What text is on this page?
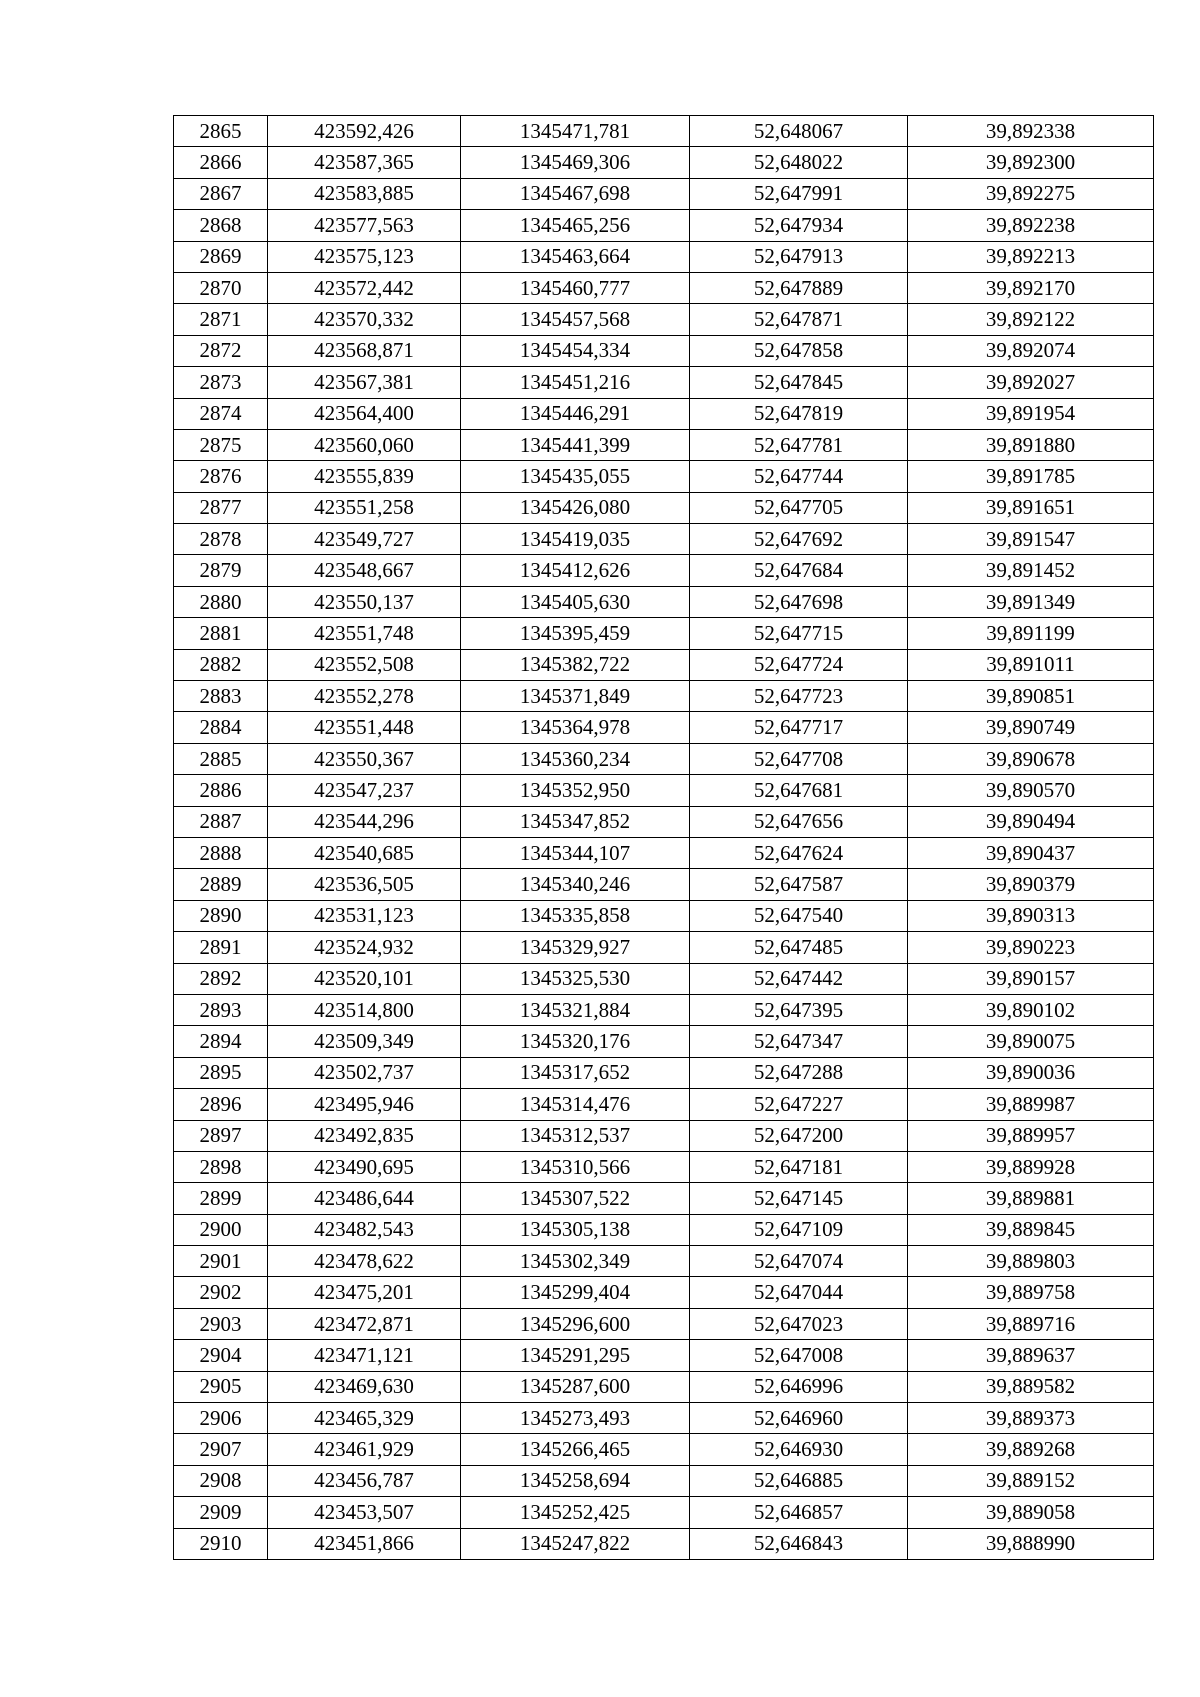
2865	423592,426	1345471,781	52,648067	39,892338
2866	423587,365	1345469,306	52,648022	39,892300
2867	423583,885	1345467,698	52,647991	39,892275
2868	423577,563	1345465,256	52,647934	39,892238
2869	423575,123	1345463,664	52,647913	39,892213
2870	423572,442	1345460,777	52,647889	39,892170
2871	423570,332	1345457,568	52,647871	39,892122
2872	423568,871	1345454,334	52,647858	39,892074
2873	423567,381	1345451,216	52,647845	39,892027
2874	423564,400	1345446,291	52,647819	39,891954
2875	423560,060	1345441,399	52,647781	39,891880
2876	423555,839	1345435,055	52,647744	39,891785
2877	423551,258	1345426,080	52,647705	39,891651
2878	423549,727	1345419,035	52,647692	39,891547
2879	423548,667	1345412,626	52,647684	39,891452
2880	423550,137	1345405,630	52,647698	39,891349
2881	423551,748	1345395,459	52,647715	39,891199
2882	423552,508	1345382,722	52,647724	39,891011
2883	423552,278	1345371,849	52,647723	39,890851
2884	423551,448	1345364,978	52,647717	39,890749
2885	423550,367	1345360,234	52,647708	39,890678
2886	423547,237	1345352,950	52,647681	39,890570
2887	423544,296	1345347,852	52,647656	39,890494
2888	423540,685	1345344,107	52,647624	39,890437
2889	423536,505	1345340,246	52,647587	39,890379
2890	423531,123	1345335,858	52,647540	39,890313
2891	423524,932	1345329,927	52,647485	39,890223
2892	423520,101	1345325,530	52,647442	39,890157
2893	423514,800	1345321,884	52,647395	39,890102
2894	423509,349	1345320,176	52,647347	39,890075
2895	423502,737	1345317,652	52,647288	39,890036
2896	423495,946	1345314,476	52,647227	39,889987
2897	423492,835	1345312,537	52,647200	39,889957
2898	423490,695	1345310,566	52,647181	39,889928
2899	423486,644	1345307,522	52,647145	39,889881
2900	423482,543	1345305,138	52,647109	39,889845
2901	423478,622	1345302,349	52,647074	39,889803
2902	423475,201	1345299,404	52,647044	39,889758
2903	423472,871	1345296,600	52,647023	39,889716
2904	423471,121	1345291,295	52,647008	39,889637
2905	423469,630	1345287,600	52,646996	39,889582
2906	423465,329	1345273,493	52,646960	39,889373
2907	423461,929	1345266,465	52,646930	39,889268
2908	423456,787	1345258,694	52,646885	39,889152
2909	423453,507	1345252,425	52,646857	39,889058
2910	423451,866	1345247,822	52,646843	39,888990
